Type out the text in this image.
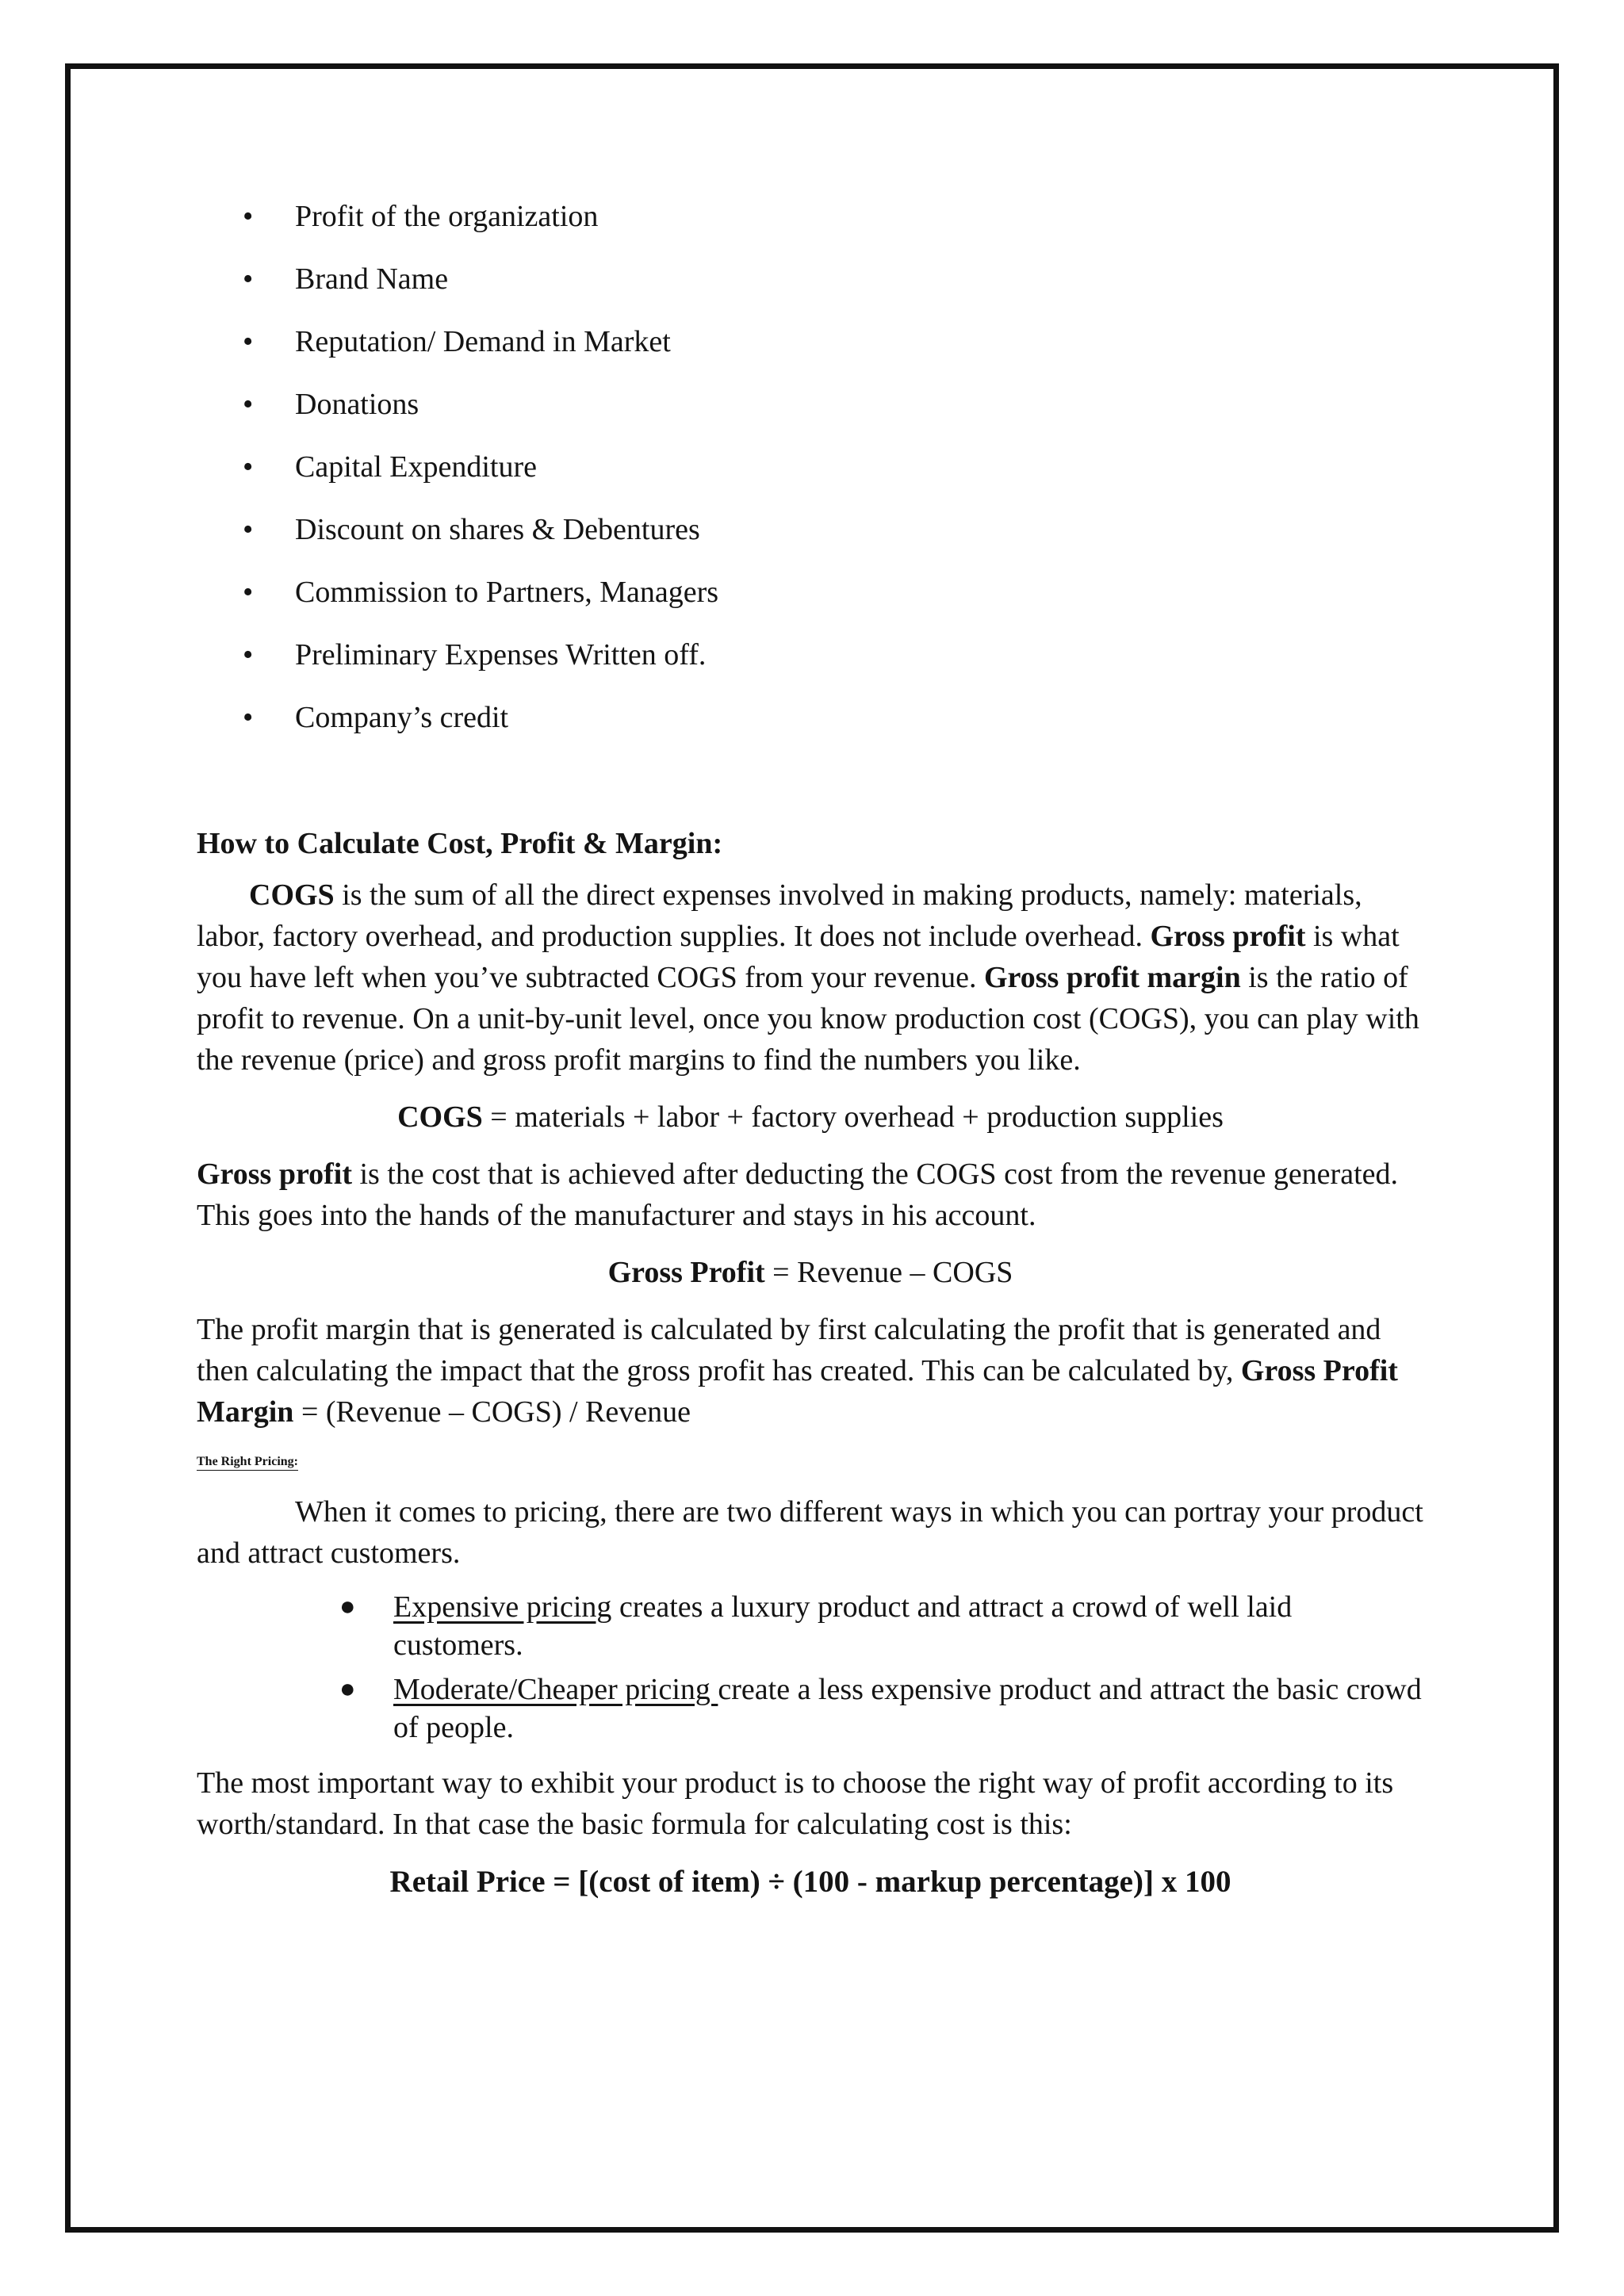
• Profit of the organization
• Brand Name
• Reputation/ Demand in Market
• Donations
• Capital Expenditure
• Discount on shares & Debentures
• Commission to Partners, Managers
• Preliminary Expenses Written off.
• Company’s credit
How to Calculate Cost, Profit & Margin:

COGS is the sum of all the direct expenses involved in making products, namely: materials, labor, factory overhead, and production supplies. It does not include overhead. Gross profit is what you have left when you’ve subtracted COGS from your revenue. Gross profit margin is the ratio of profit to revenue. On a unit-by-unit level, once you know production cost (COGS), you can play with the revenue (price) and gross profit margins to find the numbers you like.

COGS = materials + labor + factory overhead + production supplies

Gross profit is the cost that is achieved after deducting the COGS cost from the revenue generated. This goes into the hands of the manufacturer and stays in his account.

Gross Profit = Revenue – COGS

The profit margin that is generated is calculated by first calculating the profit that is generated and then calculating the impact that the gross profit has created. This can be calculated by, Gross Profit Margin = (Revenue – COGS) / Revenue

The Right Pricing:

When it comes to pricing, there are two different ways in which you can portray your product and attract customers.

● Expensive pricing creates a luxury product and attract a crowd of well laid customers.
● Moderate/Cheaper pricing create a less expensive product and attract the basic crowd of people.

The most important way to exhibit your product is to choose the right way of profit according to its worth/standard. In that case the basic formula for calculating cost is this:

Retail Price = [(cost of item) ÷ (100 - markup percentage)] x 100
